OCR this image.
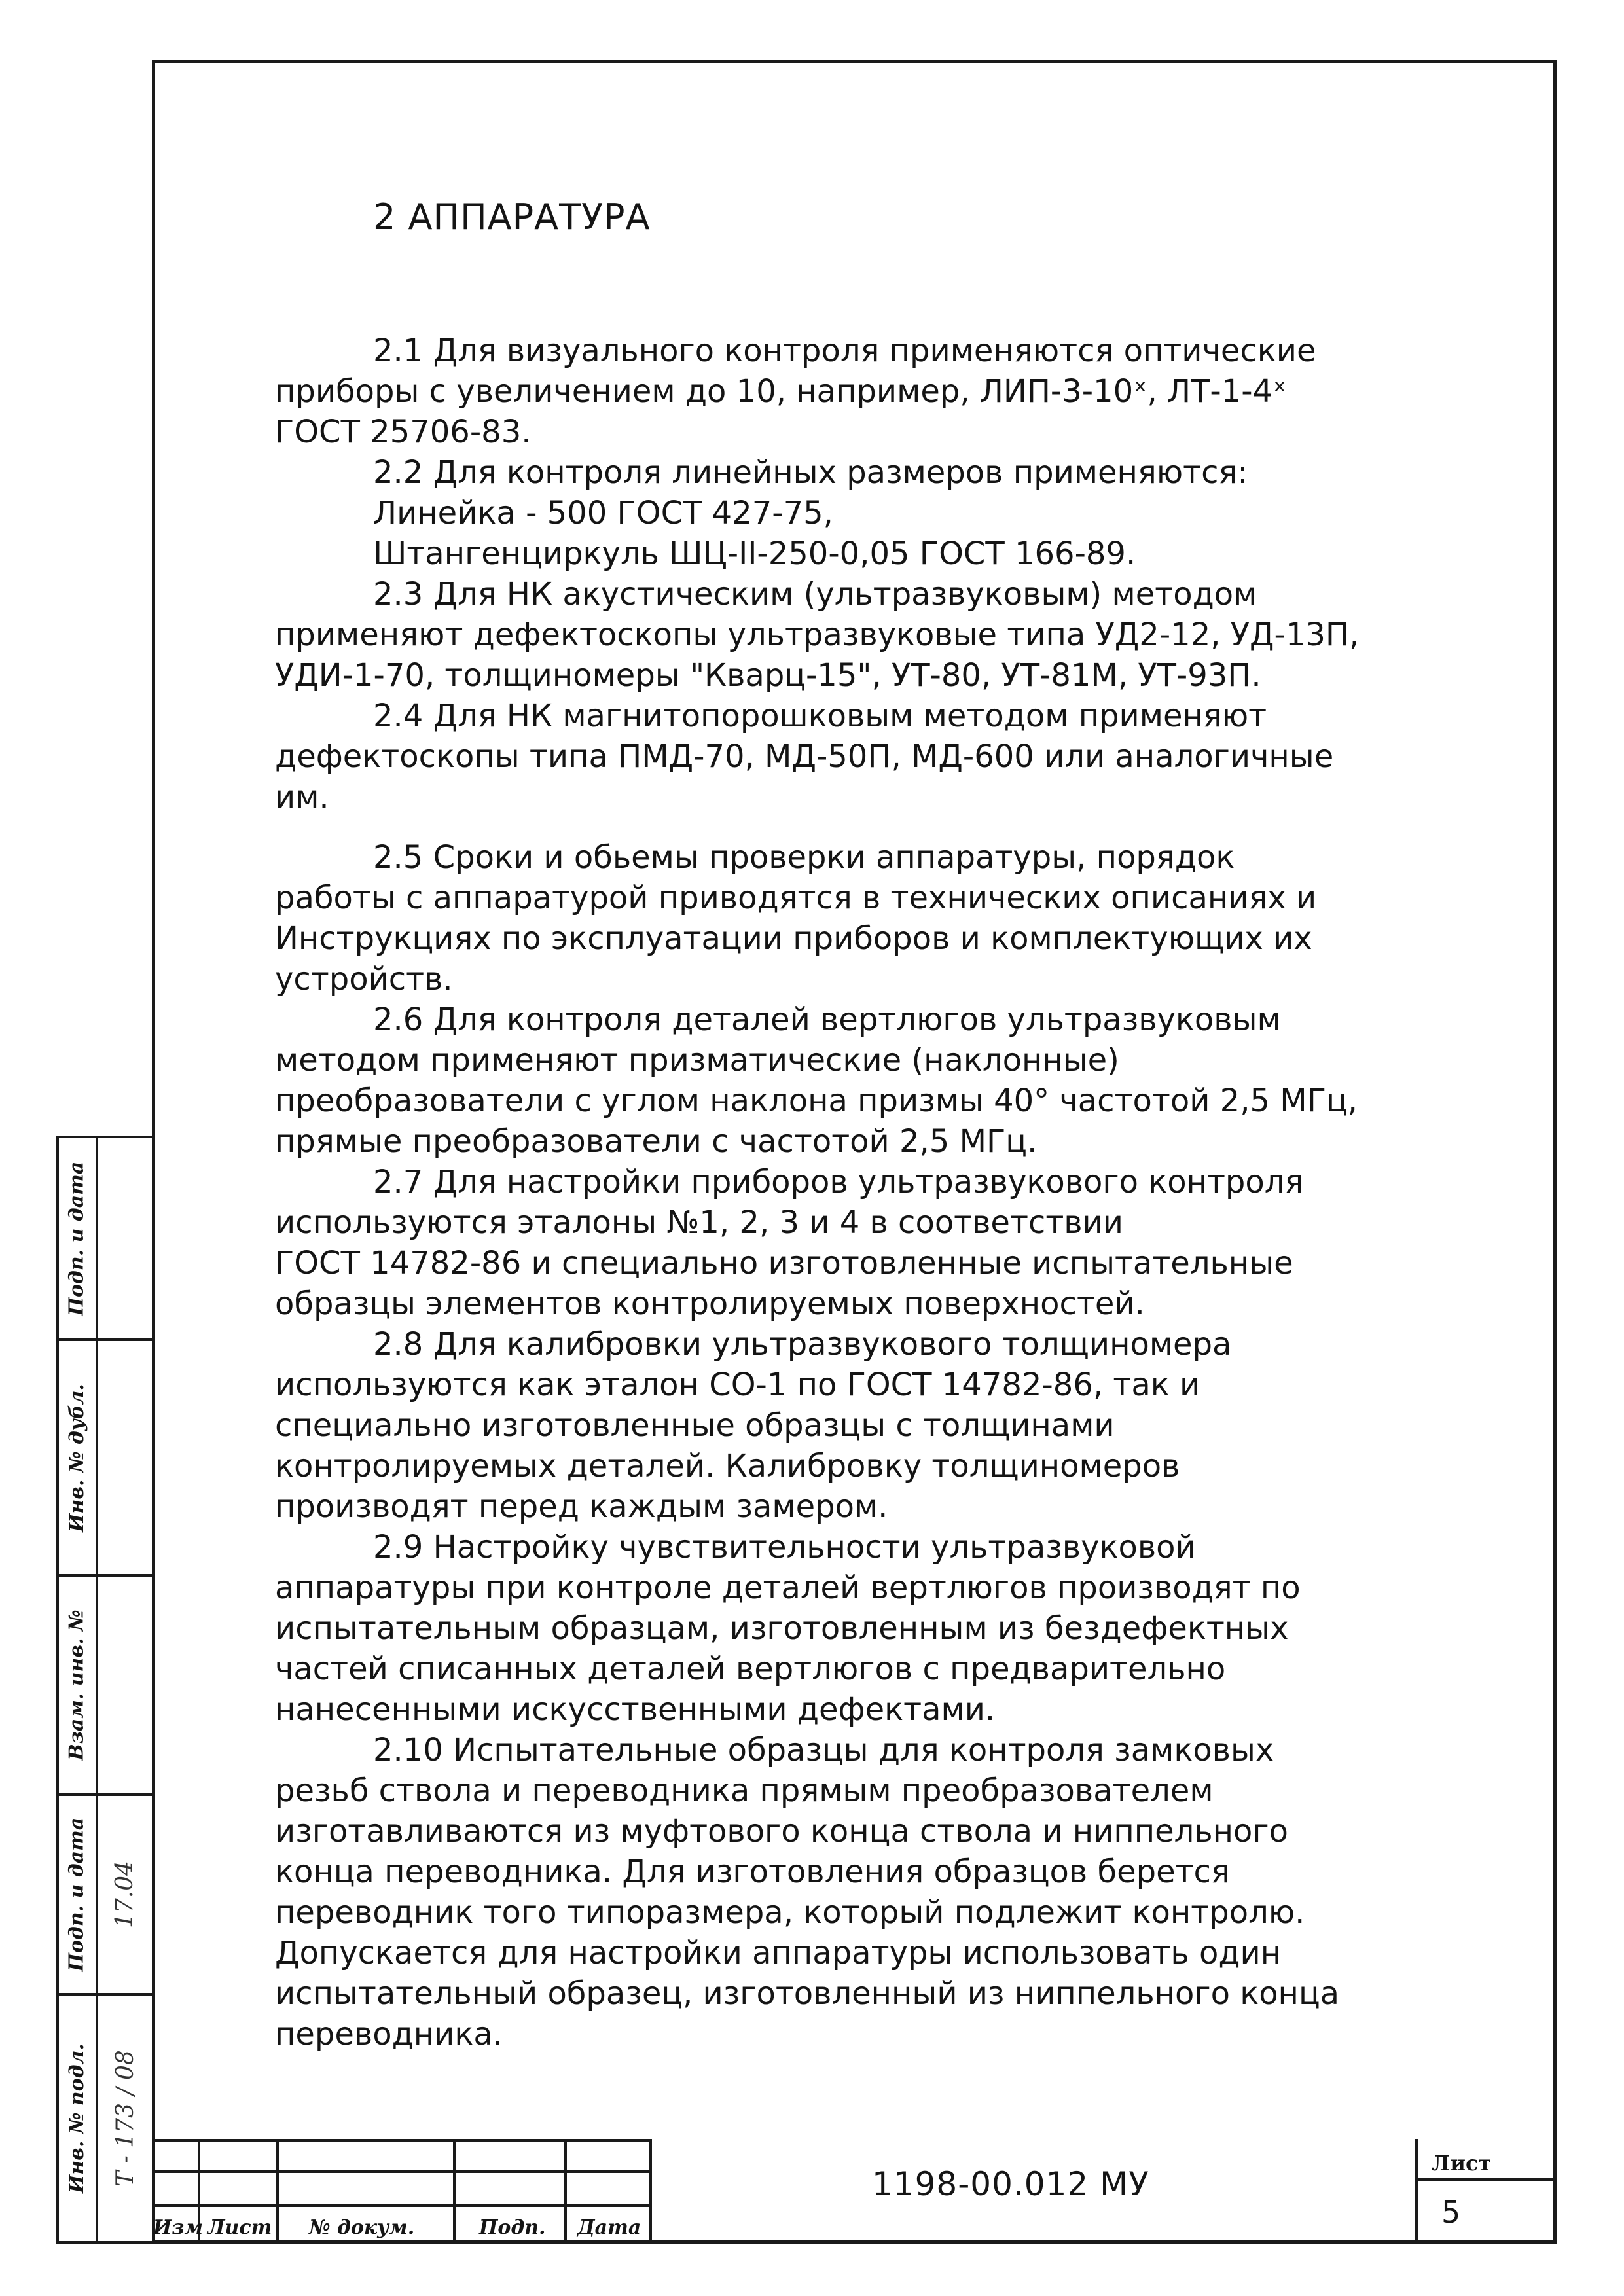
2 АППАРАТУРА
2.1 Для визуального контроля применяются оптические
приборы с увеличением до 10, например, ЛИП-3-10ˣ, ЛТ-1-4ˣ
ГОСТ 25706-83.
2.2 Для контроля линейных размеров применяются:
Линейка - 500 ГОСТ 427-75,
Штангенциркуль ШЦ-II-250-0,05 ГОСТ 166-89.
2.3 Для НК акустическим (ультразвуковым) методом
применяют дефектоскопы ультразвуковые типа УД2-12, УД-13П,
УДИ-1-70, толщиномеры "Кварц-15", УТ-80, УТ-81М, УТ-93П.
2.4 Для НК магнитопорошковым методом применяют
дефектоскопы типа ПМД-70, МД-50П, МД-600 или аналогичные
им.
2.5 Сроки и обьемы проверки аппаратуры, порядок
работы с аппаратурой приводятся в технических описаниях и
Инструкциях по эксплуатации приборов и комплектующих их
устройств.
2.6 Для контроля деталей вертлюгов ультразвуковым
методом применяют призматические (наклонные)
преобразователи с углом наклона призмы 40° частотой 2,5 МГц,
прямые преобразователи с частотой 2,5 МГц.
2.7 Для настройки приборов ультразвукового контроля
используются эталоны №1, 2, 3 и 4 в соответствии
ГОСТ 14782-86 и специально изготовленные испытательные
образцы элементов контролируемых поверхностей.
2.8 Для калибровки ультразвукового толщиномера
используются как эталон СО-1 по ГОСТ 14782-86, так и
специально изготовленные образцы с толщинами
контролируемых деталей. Калибровку толщиномеров
производят перед каждым замером.
2.9 Настройку чувствительности ультразвуковой
аппаратуры при контроле деталей вертлюгов производят по
испытательным образцам, изготовленным из бездефектных
частей списанных деталей вертлюгов с предварительно
нанесенными искусственными дефектами.
2.10 Испытательные образцы для контроля замковых
резьб ствола и переводника прямым преобразователем
изготавливаются из муфтового конца ствола и ниппельного
конца переводника. Для изготовления образцов берется
переводник того типоразмера, который подлежит контролю.
Допускается для настройки аппаратуры использовать один
испытательный образец, изготовленный из ниппельного конца
переводника.
Подп. и дата
Инв. № дубл.
Взам. инв. №
Подп. и дата
Инв. № подл.
17.04
Т - 173 / 08
Изм Лист № докум.	Подп. Дата
1198-00.012 МУ
Лист
5
